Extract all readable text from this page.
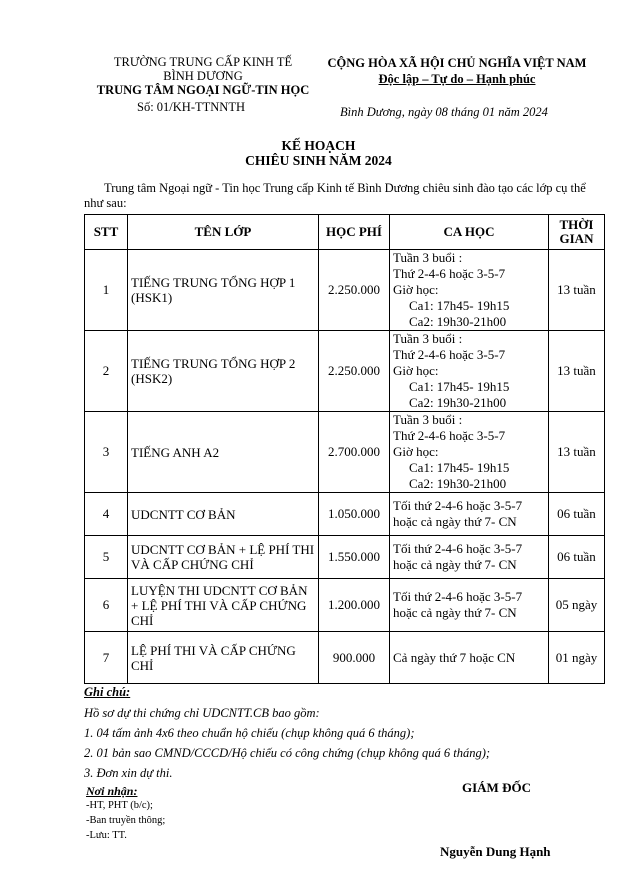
TRƯỜNG TRUNG CẤP KINH TẾ
BÌNH DƯƠNG
TRUNG TÂM NGOẠI NGỮ-TIN HỌC
Số: 01/KH-TTNNTH
CỘNG HÒA XÃ HỘI CHỦ NGHĨA VIỆT NAM
Độc lập – Tự do – Hạnh phúc
Bình Dương, ngày 08 tháng 01 năm 2024
KẾ HOẠCH
CHIÊU SINH NĂM 2024
Trung tâm Ngoại ngữ - Tin học Trung cấp Kinh tế Bình Dương chiêu sinh đào tạo các lớp cụ thể như sau:
STT	TÊN LỚP	HỌC PHÍ	CA HỌC	THỜI
GIAN

1	TIẾNG TRUNG TỔNG HỢP 1 (HSK1)	2.250.000	Tuần 3 buổi :
Thứ 2-4-6 hoặc 3-5-7
Giờ học:
Ca1: 17h45- 19h15
Ca2: 19h30-21h00	13 tuần
2	TIẾNG TRUNG TỔNG HỢP 2 (HSK2)	2.250.000	Tuần 3 buổi :
Thứ 2-4-6 hoặc 3-5-7
Giờ học:
Ca1: 17h45- 19h15
Ca2: 19h30-21h00	13 tuần
3	TIẾNG ANH A2	2.700.000	Tuần 3 buổi :
Thứ 2-4-6 hoặc 3-5-7
Giờ học:
Ca1: 17h45- 19h15
Ca2: 19h30-21h00	13 tuần
4	UDCNTT CƠ BẢN	1.050.000	Tối thứ 2-4-6 hoặc 3-5-7
hoặc cả ngày thứ 7- CN	06 tuần
5	UDCNTT CƠ BẢN + LỆ PHÍ THI VÀ CẤP CHỨNG CHỈ	1.550.000	Tối thứ 2-4-6 hoặc 3-5-7
hoặc cả ngày thứ 7- CN	06 tuần
6	LUYỆN THI UDCNTT CƠ BẢN + LỆ PHÍ THI VÀ CẤP CHỨNG CHỈ	1.200.000	Tối thứ 2-4-6 hoặc 3-5-7
hoặc cả ngày thứ 7- CN	05 ngày
7	LỆ PHÍ THI VÀ CẤP CHỨNG CHỈ	900.000	Cả ngày thứ 7 hoặc CN	01 ngày
Ghi chú:
Hồ sơ dự thi chứng chỉ UDCNTT.CB bao gồm:
1. 04 tấm ảnh 4x6 theo chuẩn hộ chiếu (chụp không quá 6 tháng);
2. 01 bản sao CMND/CCCD/Hộ chiếu có công chứng (chụp không quá 6 tháng);
3. Đơn xin dự thi.
Nơi nhận:
-HT, PHT (b/c);
-Ban truyền thông;
-Lưu: TT.
GIÁM ĐỐC
Nguyễn Dung Hạnh
